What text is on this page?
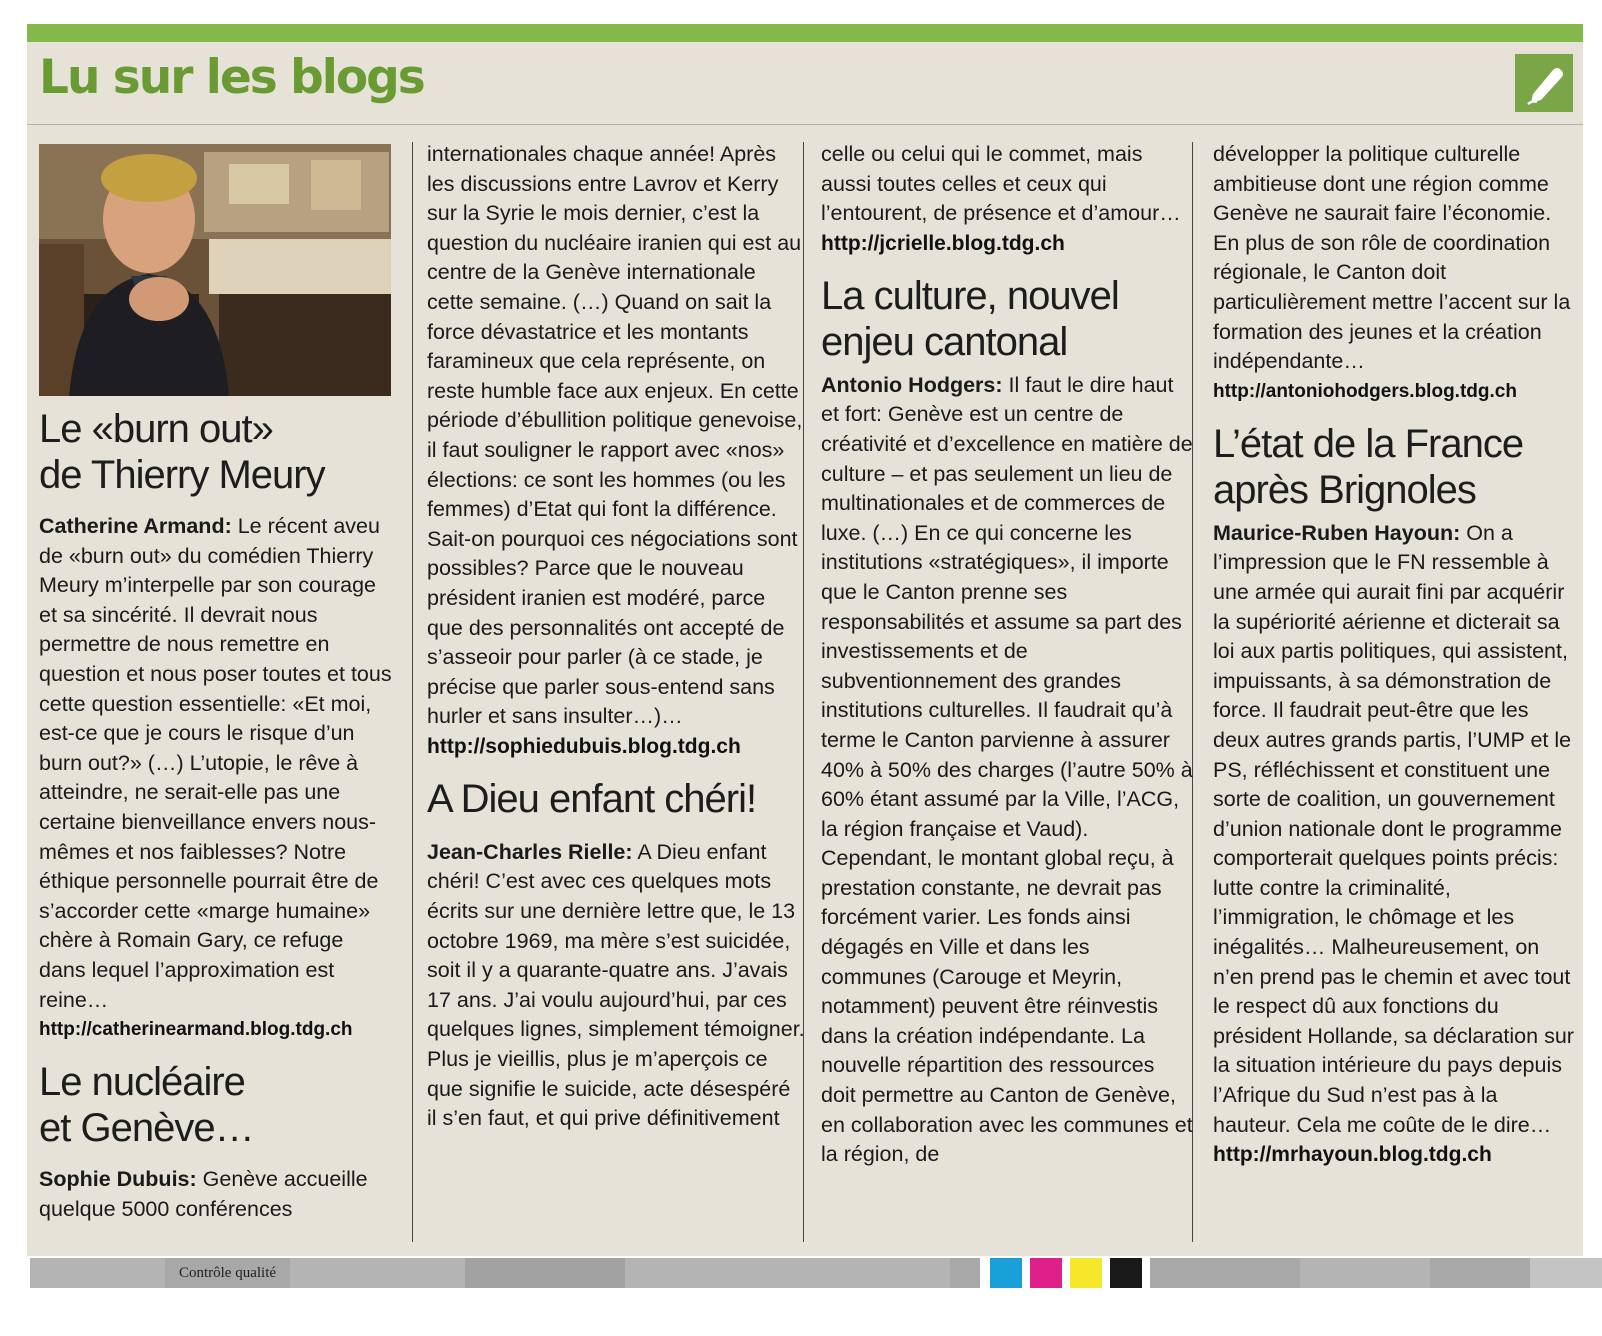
Lu sur les blogs
Le «burn out»
de Thierry Meury

Catherine Armand: Le récent aveu de «burn out» du comédien Thierry Meury m’interpelle par son courage et sa sincérité. Il devrait nous permettre de nous remettre en question et nous poser toutes et tous cette question essentielle: «Et moi, est-ce que je cours le risque d’un burn out?» (…) L’utopie, le rêve à atteindre, ne serait-elle pas une certaine bienveillance envers nous-mêmes et nos faiblesses? Notre éthique personnelle pourrait être de s’accorder cette «marge humaine» chère à Romain Gary, ce refuge dans lequel l’approximation est reine…

http://catherinearmand.blog.tdg.ch

Le nucléaire
et Genève…

Sophie Dubuis: Genève accueille quelque 5000 conférences

internationales chaque année! Après les discussions entre Lavrov et Kerry sur la Syrie le mois dernier, c’est la question du nucléaire iranien qui est au centre de la Genève internationale cette semaine. (…) Quand on sait la force dévastatrice et les montants faramineux que cela représente, on reste humble face aux enjeux. En cette période d’ébullition politique genevoise, il faut souligner le rapport avec «nos» élections: ce sont les hommes (ou les femmes) d’Etat qui font la différence. Sait-on pourquoi ces négociations sont possibles? Parce que le nouveau président iranien est modéré, parce que des personnalités ont accepté de s’asseoir pour parler (à ce stade, je précise que parler sous-entend sans hurler et sans insulter…)…

http://sophiedubuis.blog.tdg.ch

A Dieu enfant chéri!

Jean-Charles Rielle: A Dieu enfant chéri! C’est avec ces quelques mots écrits sur une dernière lettre que, le 13 octobre 1969, ma mère s’est suicidée, soit il y a quarante-quatre ans. J’avais 17 ans. J’ai voulu aujourd’hui, par ces quelques lignes, simplement témoigner. Plus je vieillis, plus je m’aperçois ce que signifie le suicide, acte désespéré il s’en faut, et qui prive définitivement

celle ou celui qui le commet, mais aussi toutes celles et ceux qui l’entourent, de présence et d’amour…

http://jcrielle.blog.tdg.ch

La culture, nouvel
enjeu cantonal

Antonio Hodgers: Il faut le dire haut et fort: Genève est un centre de créativité et d’excellence en matière de culture – et pas seulement un lieu de multinationales et de commerces de luxe. (…) En ce qui concerne les institutions «stratégiques», il importe que le Canton prenne ses responsabilités et assume sa part des investissements et de subventionnement des grandes institutions culturelles. Il faudrait qu’à terme le Canton parvienne à assurer 40% à 50% des charges (l’autre 50% à 60% étant assumé par la Ville, l’ACG, la région française et Vaud). Cependant, le montant global reçu, à prestation constante, ne devrait pas forcément varier. Les fonds ainsi dégagés en Ville et dans les communes (Carouge et Meyrin, notamment) peuvent être réinvestis dans la création indépendante. La nouvelle répartition des ressources doit permettre au Canton de Genève, en collaboration avec les communes et la région, de

développer la politique culturelle ambitieuse dont une région comme Genève ne saurait faire l’économie. En plus de son rôle de coordination régionale, le Canton doit particulièrement mettre l’accent sur la formation des jeunes et la création indépendante…

http://antoniohodgers.blog.tdg.ch

L’état de la France
après Brignoles

Maurice-Ruben Hayoun: On a l’impression que le FN ressemble à une armée qui aurait fini par acquérir la supériorité aérienne et dicterait sa loi aux partis politiques, qui assistent, impuissants, à sa démonstration de force. Il faudrait peut-être que les deux autres grands partis, l’UMP et le PS, réfléchissent et constituent une sorte de coalition, un gouvernement d’union nationale dont le programme comporterait quelques points précis: lutte contre la criminalité, l’immigration, le chômage et les inégalités… Malheureusement, on n’en prend pas le chemin et avec tout le respect dû aux fonctions du président Hollande, sa déclaration sur la situation intérieure du pays depuis l’Afrique du Sud n’est pas à la hauteur. Cela me coûte de le dire…

http://mrhayoun.blog.tdg.ch

Contrôle qualité
